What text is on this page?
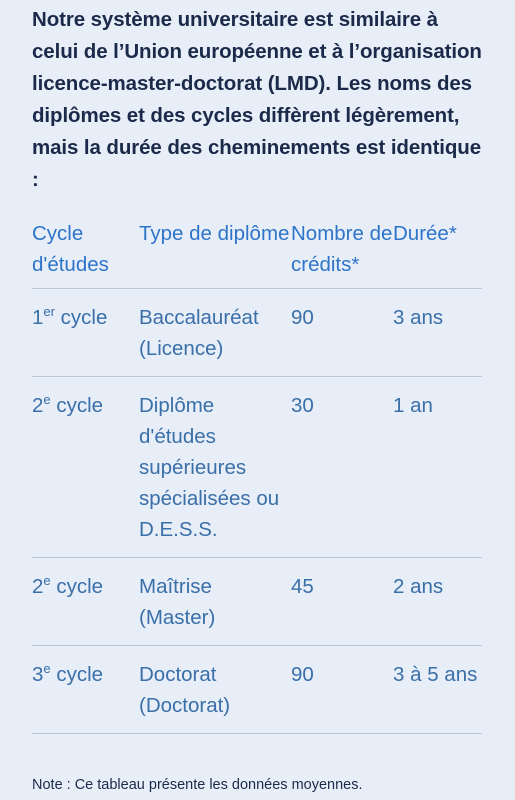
Notre système universitaire est similaire à celui de l’Union européenne et à l’organisation licence-master-doctorat (LMD). Les noms des diplômes et des cycles diffèrent légèrement, mais la durée des cheminements est identique :

Cycle d'études	Type de diplôme	Nombre de crédits*	Durée*
1er cycle	Baccalauréat (Licence)	90	3 ans
2e cycle	Diplôme d'études supérieures spécialisées ou D.E.S.S.	30	1 an
2e cycle	Maîtrise (Master)	45	2 ans
3e cycle	Doctorat (Doctorat)	90	3 à 5 ans

Note : Ce tableau présente les données moyennes.
